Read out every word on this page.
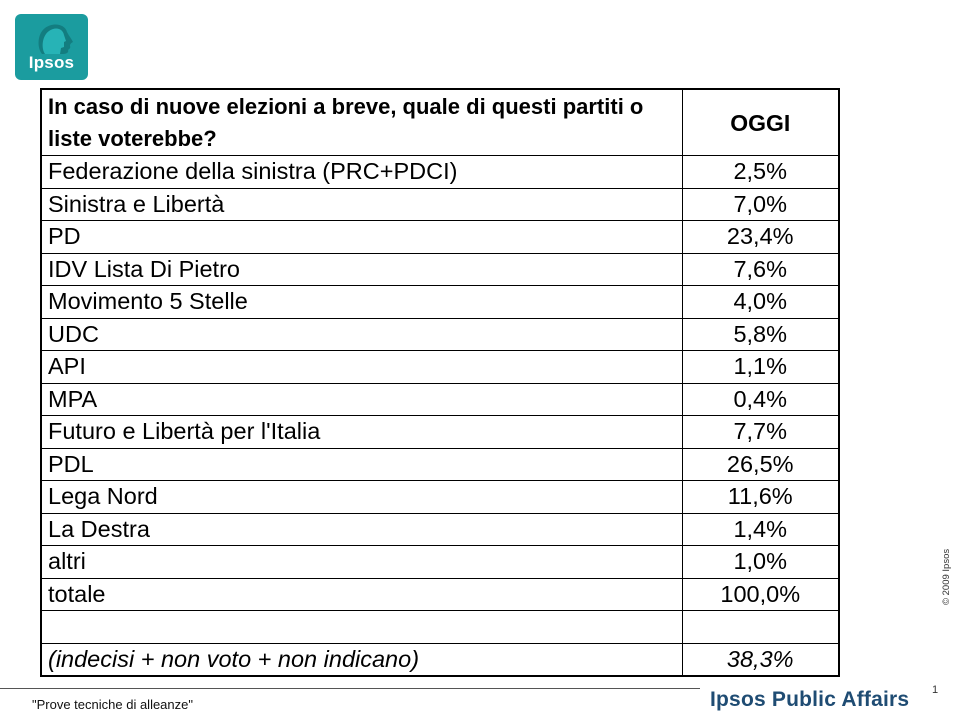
Ipsos
In caso di nuove elezioni a breve, quale di questi partiti o liste voterebbe?	OGGI
Federazione della sinistra (PRC+PDCI)	2,5%
Sinistra e Libertà	7,0%
PD	23,4%
IDV Lista Di Pietro	7,6%
Movimento 5 Stelle	4,0%
UDC	5,8%
API	1,1%
MPA	0,4%
Futuro e Libertà per l'Italia	7,7%
PDL	26,5%
Lega Nord	11,6%
La Destra	1,4%
altri	1,0%
totale	100,0%

(indecisi + non voto + non indicano)	38,3%
© 2009 Ipsos
1
"Prove tecniche di alleanze"	Ipsos Public Affairs
